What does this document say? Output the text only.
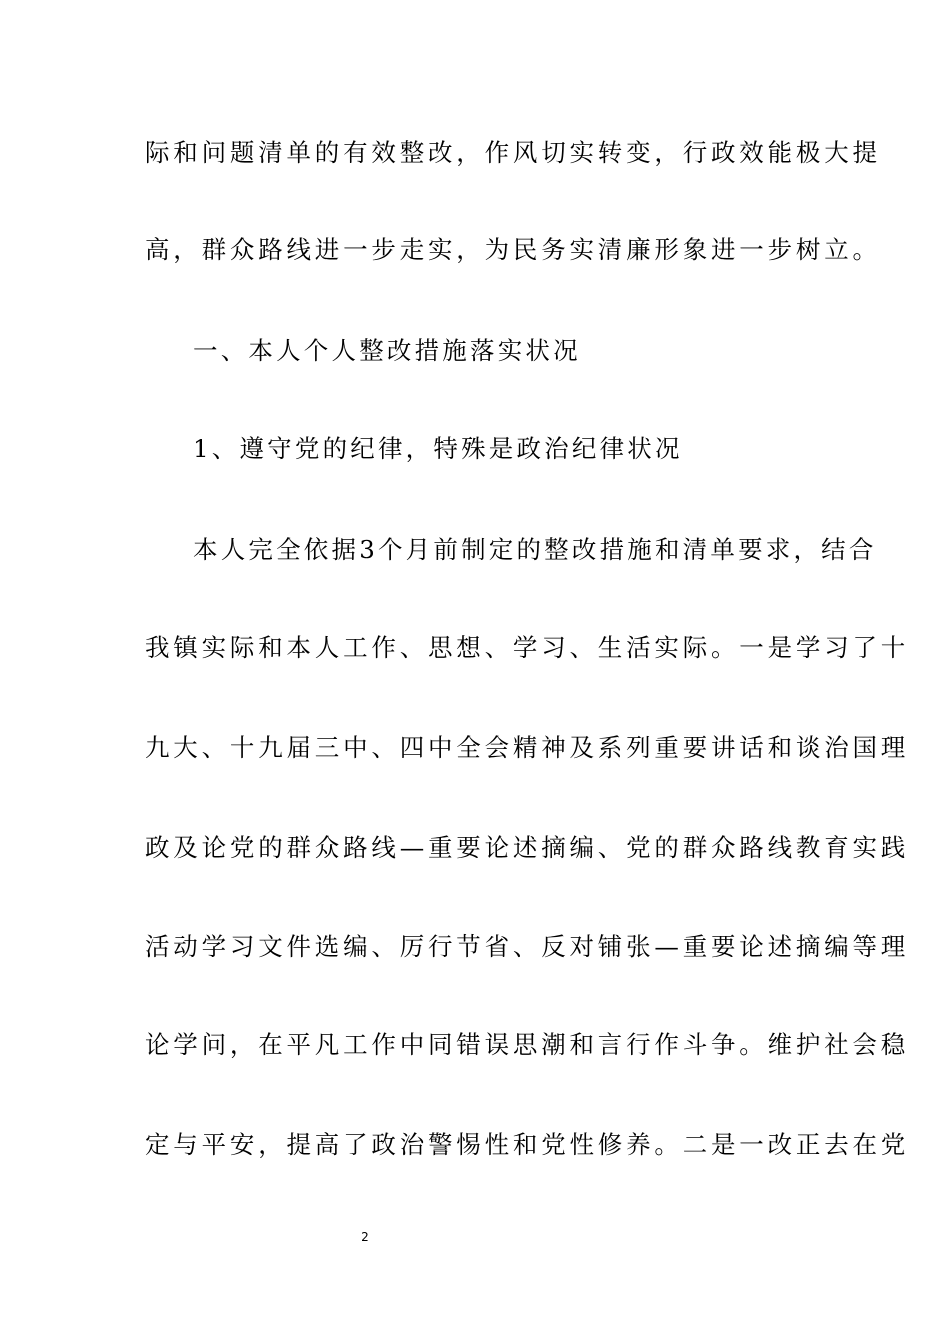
际和问题清单的有效整改，作风切实转变，行政效能极大提
高，群众路线进一步走实，为民务实清廉形象进一步树立。
一、本人个人整改措施落实状况
1、遵守党的纪律，特殊是政治纪律状况
本人完全依据3个月前制定的整改措施和清单要求，结合
我镇实际和本人工作、思想、学习、生活实际。一是学习了十
九大、十九届三中、四中全会精神及系列重要讲话和谈治国理
政及论党的群众路线—重要论述摘编、党的群众路线教育实践
活动学习文件选编、厉行节省、反对铺张—重要论述摘编等理
论学问，在平凡工作中同错误思潮和言行作斗争。维护社会稳
定与平安，提高了政治警惕性和党性修养。二是一改正去在党
2
